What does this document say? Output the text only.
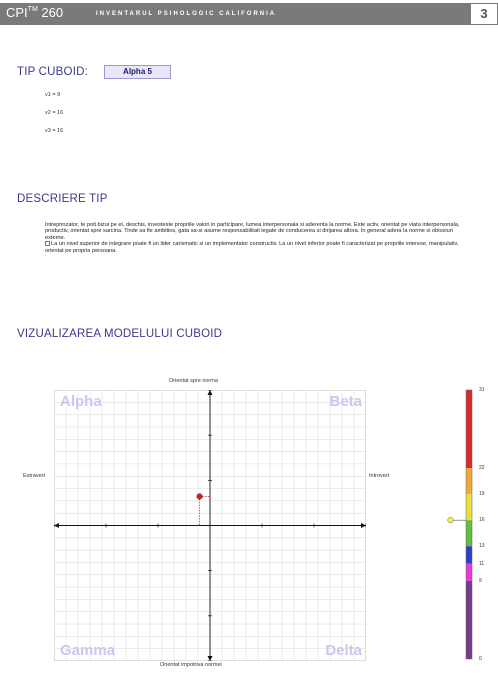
CPI™ 260	INVENTARUL PSIHOLOGIC CALIFORNIA	3
TIP CUBOID:	Alpha 5
v1 = 9
v2 = 16
v3 = 16
DESCRIERE TIP

Intreprinzator, te poti bizui pe el, deschis, investeste propriile valori in participare, lumea interpersonala si aderenta la norme. Este activ, orientat pe viata interpersonala, productiv, orientat spre sarcina. Tinde sa fie ambitios, gata sa-si asume responsabilitati legate de conducerea si dirijarea altora. In general adera la norme si obiceiuri externe.

La un nivel superior de integrare poate fi un lider carismatic si un implementator constructiv. La un nivel inferior poate fi caracterizat pe propriile interese, manipulativ, orientat pe propria persoana.

VIZUALIZAREA MODELULUI CUBOID
Orientat spre norma
Orientat impotriva normei
Extravert	Introvert
Alpha	Beta
Gamma	Delta
31
22
19
16
13
11
9
0
